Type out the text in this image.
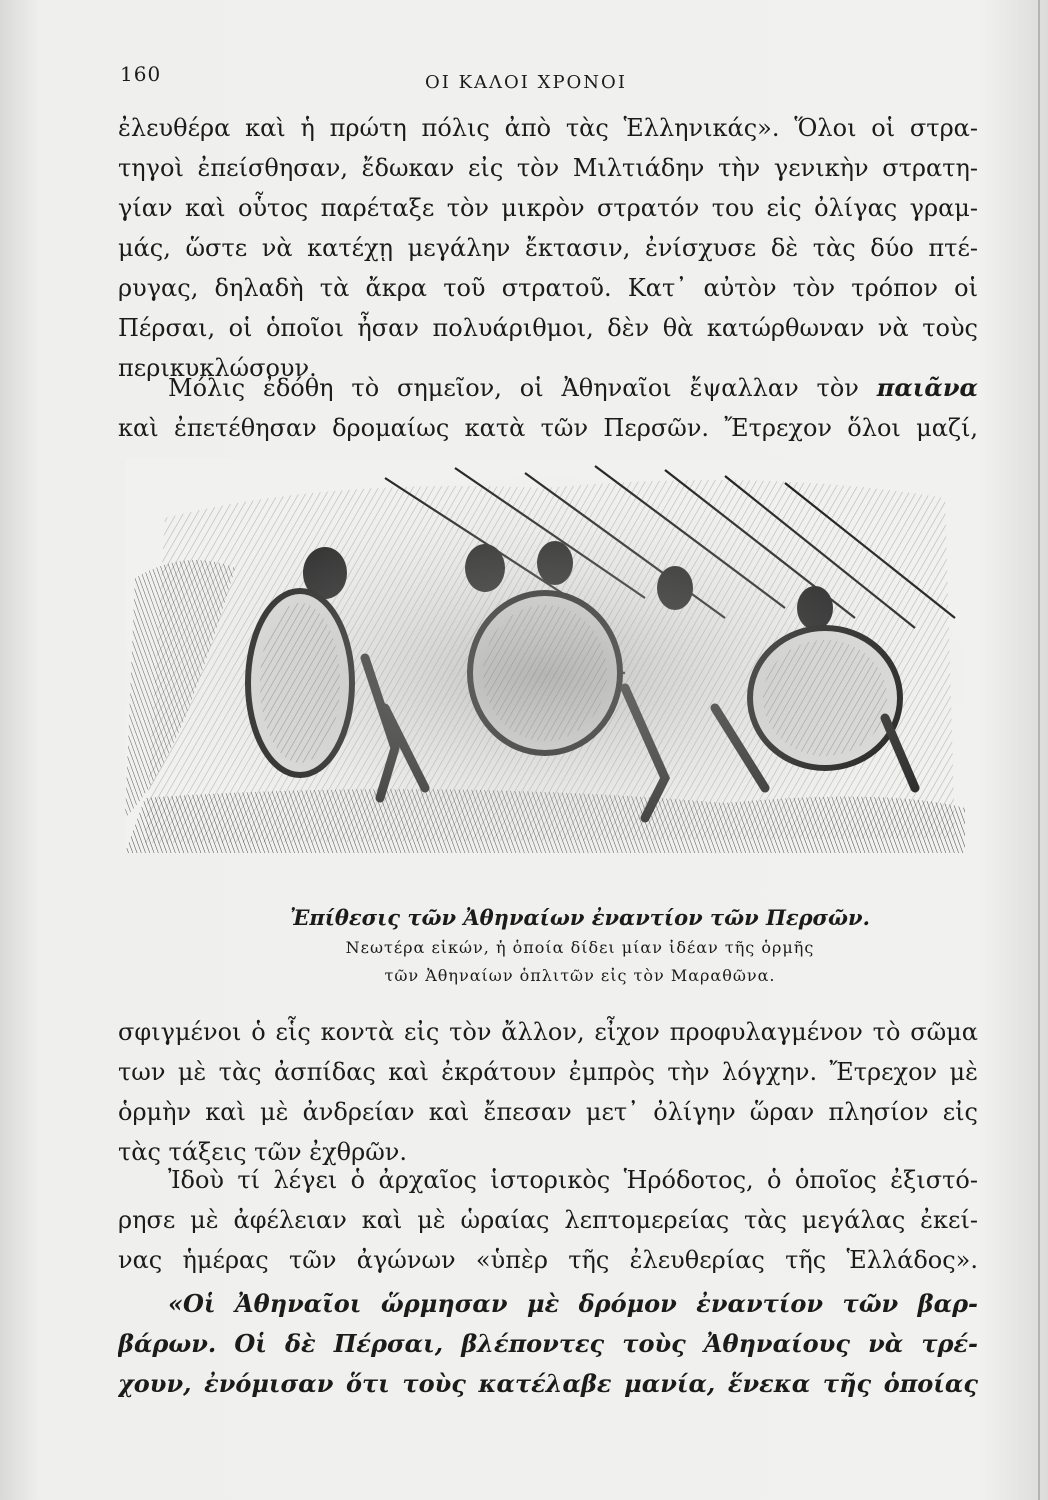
160	ΟΙ ΚΑΛΟΙ ΧΡΟΝΟΙ
ἐλευθέρα καὶ ἡ πρώτη πόλις ἀπὸ τὰς Ἑλληνικάς». Ὅλοι οἱ στρα-
τηγοὶ ἐπείσθησαν, ἔδωκαν εἰς τὸν Μιλτιάδην τὴν γενικὴν στρατη-
γίαν καὶ οὗτος παρέταξε τὸν μικρὸν στρατόν του εἰς ὀλίγας γραμ-
μάς, ὥστε νὰ κατέχῃ μεγάλην ἔκτασιν, ἐνίσχυσε δὲ τὰς δύο πτέ-
ρυγας, δηλαδὴ τὰ ἄκρα τοῦ στρατοῦ. Κατ᾽ αὐτὸν τὸν τρόπον οἱ
Πέρσαι, οἱ ὁποῖοι ἦσαν πολυάριθμοι, δὲν θὰ κατώρθωναν νὰ τοὺς
περικυκλώσουν.
Μόλις ἐδόθη τὸ σημεῖον, οἱ Ἀθηναῖοι ἔψαλλαν τὸν παιᾶνα
καὶ ἐπετέθησαν δρομαίως κατὰ τῶν Περσῶν. Ἔτρεχον ὅλοι μαζί,
Ἐπίθεσις τῶν Ἀθηναίων ἐναντίον τῶν Περσῶν.
Νεωτέρα εἰκών, ἡ ὁποία δίδει μίαν ἰδέαν τῆς ὁρμῆς
τῶν Ἀθηναίων ὁπλιτῶν εἰς τὸν Μαραθῶνα.
σφιγμένοι ὁ εἷς κοντὰ εἰς τὸν ἄλλον, εἶχον προφυλαγμένον τὸ σῶμα
των μὲ τὰς ἀσπίδας καὶ ἐκράτουν ἐμπρὸς τὴν λόγχην. Ἔτρεχον μὲ
ὁρμὴν καὶ μὲ ἀνδρείαν καὶ ἔπεσαν μετ᾽ ὀλίγην ὥραν πλησίον εἰς
τὰς τάξεις τῶν ἐχθρῶν.
Ἰδοὺ τί λέγει ὁ ἀρχαῖος ἱστορικὸς Ἡρόδοτος, ὁ ὁποῖος ἐξιστό-
ρησε μὲ ἀφέλειαν καὶ μὲ ὡραίας λεπτομερείας τὰς μεγάλας ἐκεί-
νας ἡμέρας τῶν ἀγώνων «ὑπὲρ τῆς ἐλευθερίας τῆς Ἑλλάδος».
«Οἱ Ἀθηναῖοι ὥρμησαν μὲ δρόμον ἐναντίον τῶν βαρ-
βάρων. Οἱ δὲ Πέρσαι, βλέποντες τοὺς Ἀθηναίους νὰ τρέ-
χουν, ἐνόμισαν ὅτι τοὺς κατέλαβε μανία, ἕνεκα τῆς ὁποίας
